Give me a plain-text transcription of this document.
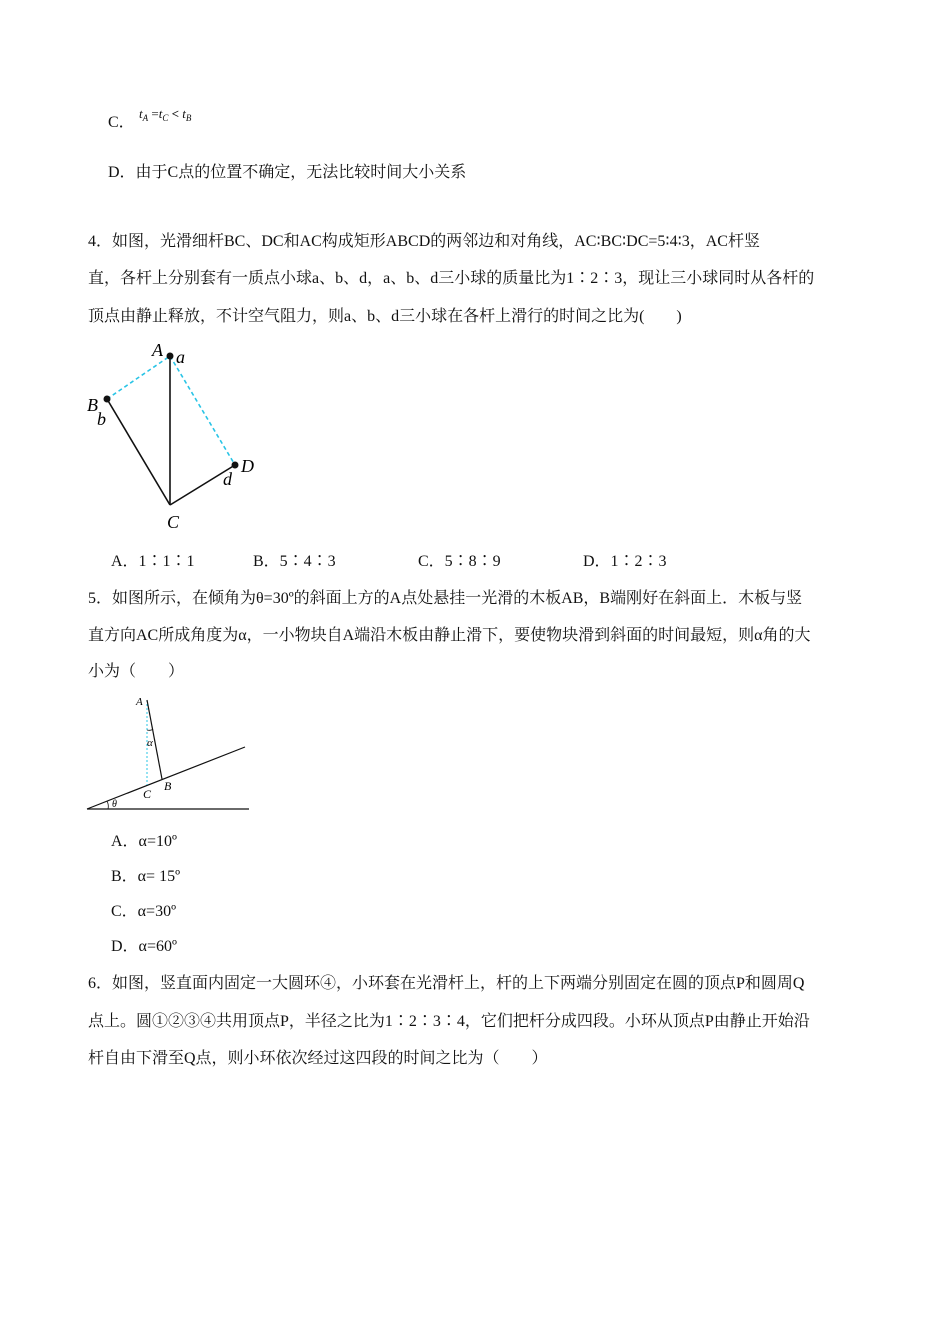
C．
$t_A =t_C < t_B$
D．由于C点的位置不确定，无法比较时间大小关系
4．如图，光滑细杆BC、DC和AC构成矩形ABCD的两邻边和对角线，AC∶BC∶DC=5∶4∶3，AC杆竖
直，各杆上分别套有一质点小球a、b、d，a、b、d三小球的质量比为1∶2∶3，现让三小球同时从各杆的
顶点由静止释放，不计空气阻力，则a、b、d三小球在各杆上滑行的时间之比为(　　)
A a
B
b
D
d
C
A．1∶1∶1	B．5∶4∶3	C．5∶8∶9	D．1∶2∶3
5．如图所示，在倾角为θ=30º的斜面上方的A点处悬挂一光滑的木板AB，B端刚好在斜面上．木板与竖
直方向AC所成角度为α，一小物块自A端沿木板由静止滑下，要使物块滑到斜面的时间最短，则α角的大
小为（　　）
A
α
C
B
θ
A．α=10º
B．α= 15º
C．α=30º
D．α=60º
6．如图，竖直面内固定一大圆环④，小环套在光滑杆上，杆的上下两端分别固定在圆的顶点P和圆周Q
点上。圆①②③④共用顶点P，半径之比为1∶2∶3∶4，它们把杆分成四段。小环从顶点P由静止开始沿
杆自由下滑至Q点，则小环依次经过这四段的时间之比为（　　）
